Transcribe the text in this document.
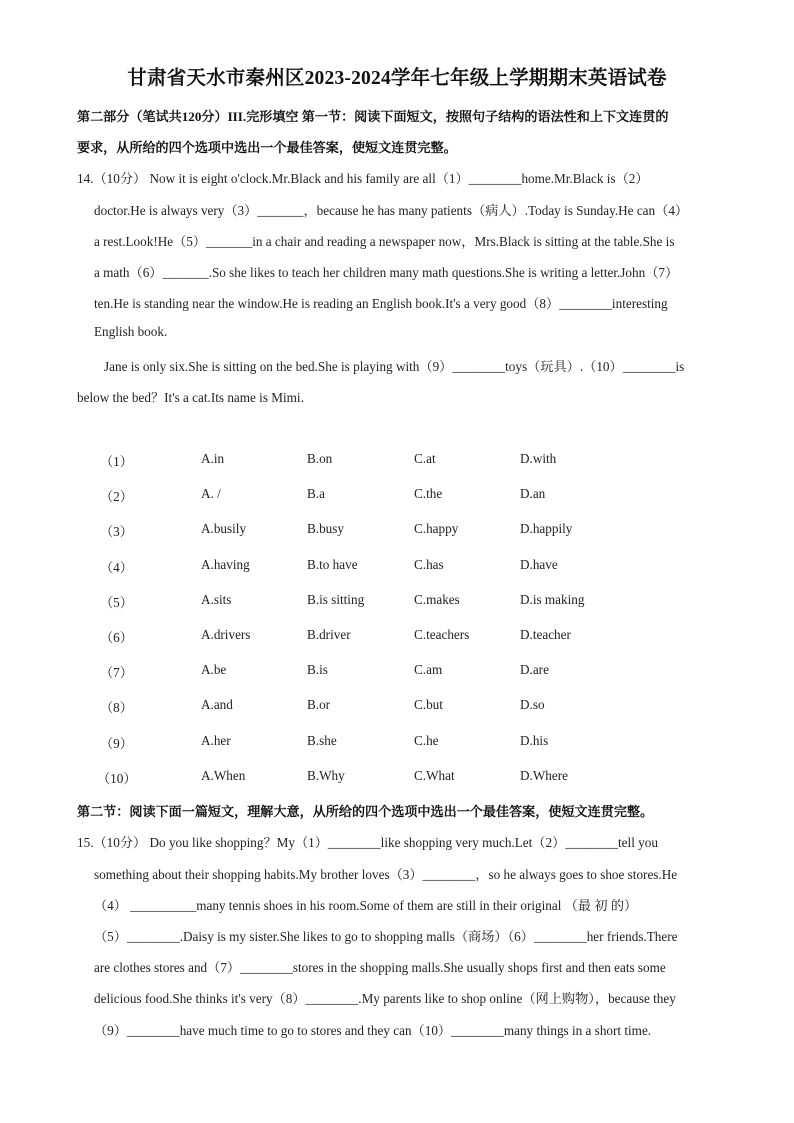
甘肃省天水市秦州区2023-2024学年七年级上学期期末英语试卷
第二部分（笔试共120分）III.完形填空 第一节：阅读下面短文，按照句子结构的语法性和上下文连贯的
要求，从所给的四个选项中选出一个最佳答案，使短文连贯完整。
14.（10分） Now it is eight o'clock.Mr.Black and his family are all（1）________home.Mr.Black is（2）
doctor.He is always very（3）_______，because he has many patients（病人）.Today is Sunday.He can（4）
a rest.Look!He（5）_______in a chair and reading a newspaper now，Mrs.Black is sitting at the table.She is
a math（6）_______.So she likes to teach her children many math questions.She is writing a letter.John（7）
ten.He is standing near the window.He is reading an English book.It's a very good（8）________interesting
English book.
Jane is only six.She is sitting on the bed.She is playing with（9）________toys（玩具）.（10）________is
below the bed？It's a cat.Its name is Mimi.
（1）	A.in	B.on	C.at	D.with
（2）	A. /	B.a	C.the	D.an
（3）	A.busily	B.busy	C.happy	D.happily
（4）	A.having	B.to have	C.has	D.have
（5）	A.sits	B.is sitting	C.makes	D.is making
（6）	A.drivers	B.driver	C.teachers	D.teacher
（7）	A.be	B.is	C.am	D.are
（8）	A.and	B.or	C.but	D.so
（9）	A.her	B.she	C.he	D.his
（10）	A.When	B.Why	C.What	D.Where
第二节：阅读下面一篇短文，理解大意，从所给的四个选项中选出一个最佳答案，使短文连贯完整。
15.（10分） Do you like shopping？My（1）________like shopping very much.Let（2）________tell you
something about their shopping habits.My brother loves（3）________，so he always goes to shoe stores.He
（4） __________many tennis shoes in his room.Some of them are still in their original （最 初 的）
（5）________.Daisy is my sister.She likes to go to shopping malls（商场）（6）________her friends.There
are clothes stores and（7）________stores in the shopping malls.She usually shops first and then eats some
delicious food.She thinks it's very（8）________.My parents like to shop online（网上购物），because they
（9）________have much time to go to stores and they can（10）________many things in a short time.
